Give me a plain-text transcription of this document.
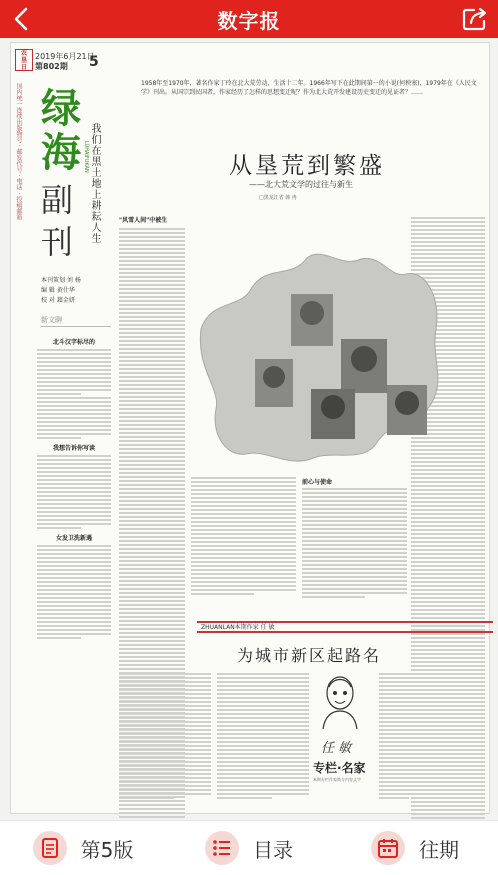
数字报
农
垦
日
2019年6月21日
第802期 5
国内统一连续出版物号 · 邮发代号 · 电话 · 投稿邮箱 绿海 LÜHAIFUKAN
副刊	我们在黑土地上耕耘人生
本刊策划 刘 杨
编 辑 黄仕华
校 对 籍金妍
新文聊
北斗汉字标尽的
我想告诉你写读
女发卫洗新遇
1958年至1970年，著名作家丁玲在北大荒劳动，生活十二年。1966年写下在此期间第一的小说(何秧塞)，1979年在《人民文学》刊出。从国宗到民国者，作家经历了怎样的思想变迁呢？作为北大荒开发建设历史变迁的见证者？……
从垦荒到繁盛
——北大荒文学的过往与新生
□黑龙江省 韩 冉
"风雪人间"中被生
前心与使命
ZHUANLAN本期作家 任 敏
为城市新区起路名
任 敏
专栏·名家
本期专栏作家简介内容文字
第5版	目录	往期
